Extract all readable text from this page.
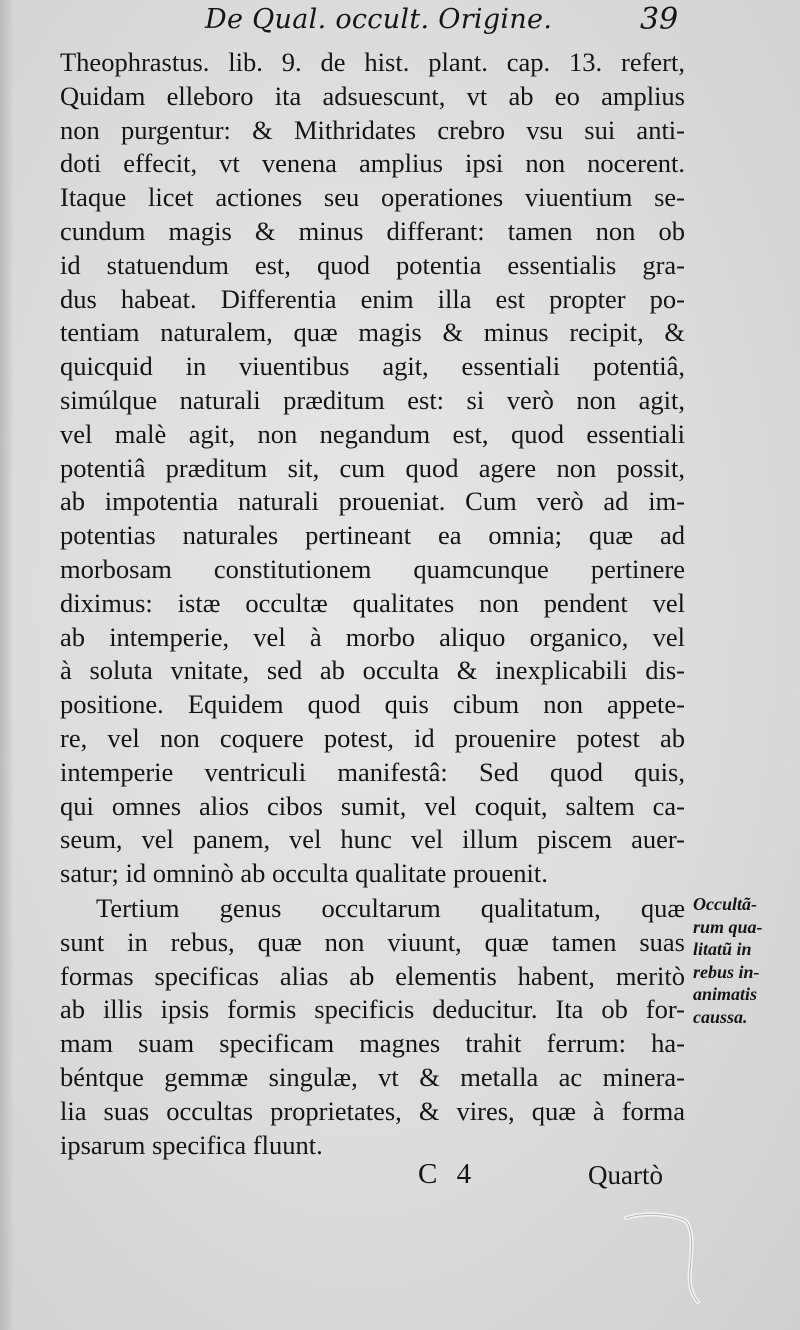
De Qual. occult. Origine.	39
Theophrastus. lib. 9. de hist. plant. cap. 13. refert,
Quidam elleboro ita adsuescunt, vt ab eo amplius
non purgentur: & Mithridates crebro vsu sui anti-
doti effecit, vt venena amplius ipsi non nocerent.
Itaque licet actiones seu operationes viuentium se-
cundum magis & minus differant: tamen non ob
id statuendum est, quod potentia essentialis gra-
dus habeat. Differentia enim illa est propter po-
tentiam naturalem, quæ magis & minus recipit, &
quicquid in viuentibus agit, essentiali potentiâ,
simúlque naturali præditum est: si verò non agit,
vel malè agit, non negandum est, quod essentiali
potentiâ præditum sit, cum quod agere non possit,
ab impotentia naturali proueniat. Cum verò ad im-
potentias naturales pertineant ea omnia; quæ ad
morbosam constitutionem quamcunque pertinere
diximus: istæ occultæ qualitates non pendent vel
ab intemperie, vel à morbo aliquo organico, vel
à soluta vnitate, sed ab occulta & inexplicabili dis-
positione. Equidem quod quis cibum non appete-
re, vel non coquere potest, id prouenire potest ab
intemperie ventriculi manifestâ: Sed quod quis,
qui omnes alios cibos sumit, vel coquit, saltem ca-
seum, vel panem, vel hunc vel illum piscem auer-
satur; id omninò ab occulta qualitate prouenit.
Tertium genus occultarum qualitatum, quæ
sunt in rebus, quæ non viuunt, quæ tamen suas
formas specificas alias ab elementis habent, meritò
ab illis ipsis formis specificis deducitur. Ita ob for-
mam suam specificam magnes trahit ferrum: ha-
béntque gemmæ singulæ, vt & metalla ac minera-
lia suas occultas proprietates, & vires, quæ à forma
ipsarum specifica fluunt.
Occultã-
rum qua-
litatũ in
rebus in-
animatis
caussa.
C 4	Quartò
